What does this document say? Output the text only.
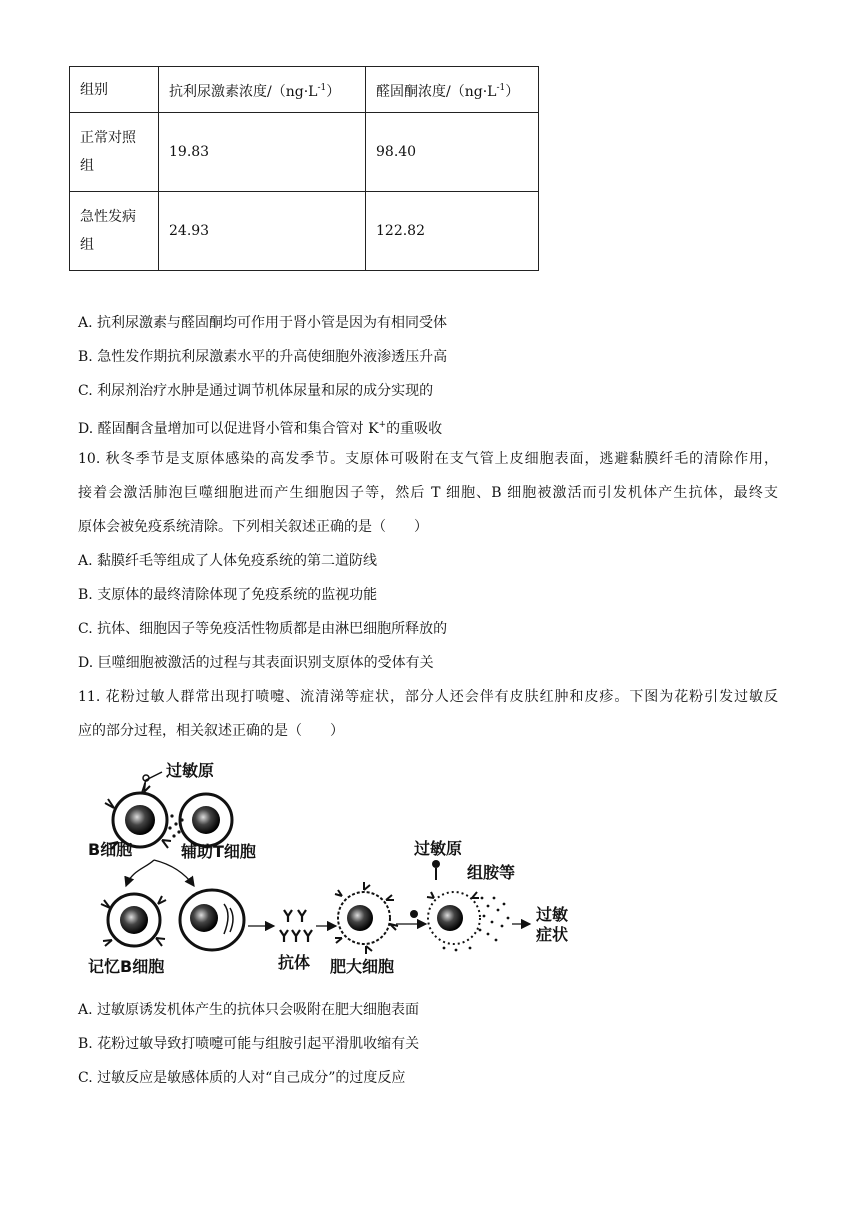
组别	抗利尿激素浓度$/(ng\cdot L^{-1})$	醛固酮浓度$/(ng\cdot L^{-1})$

正常对照
组	19.83	98.40

急性发病
组	24.93	122.82
A. 抗利尿激素与醛固酮均可作用于肾小管是因为有相同受体
B. 急性发作期抗利尿激素水平的升高使细胞外液渗透压升高
C. 利尿剂治疗水肿是通过调节机体尿量和尿的成分实现的
D. 醛固酮含量增加可以促进肾小管和集合管对 K+的重吸收
10. 秋冬季节是支原体感染的高发季节。支原体可吸附在支气管上皮细胞表面，逃避黏膜纤毛的清除作用，
接着会激活肺泡巨噬细胞进而产生细胞因子等，然后 T 细胞、B 细胞被激活而引发机体产生抗体，最终支
原体会被免疫系统清除。下列相关叙述正确的是（　　）
A. 黏膜纤毛等组成了人体免疫系统的第二道防线
B. 支原体的最终清除体现了免疫系统的监视功能
C. 抗体、细胞因子等免疫活性物质都是由淋巴细胞所释放的
D. 巨噬细胞被激活的过程与其表面识别支原体的受体有关
11. 花粉过敏人群常出现打喷嚏、流清涕等症状，部分人还会伴有皮肤红肿和皮疹。下图为花粉引发过敏反
应的部分过程，相关叙述正确的是（　　）
过敏原
B细胞	辅助T细胞
记忆B细胞	抗体 肥大细胞
过敏原
组胺等
过敏
症状
A. 过敏原诱发机体产生的抗体只会吸附在肥大细胞表面
B. 花粉过敏导致打喷嚏可能与组胺引起平滑肌收缩有关
C. 过敏反应是敏感体质的人对“自己成分”的过度反应
